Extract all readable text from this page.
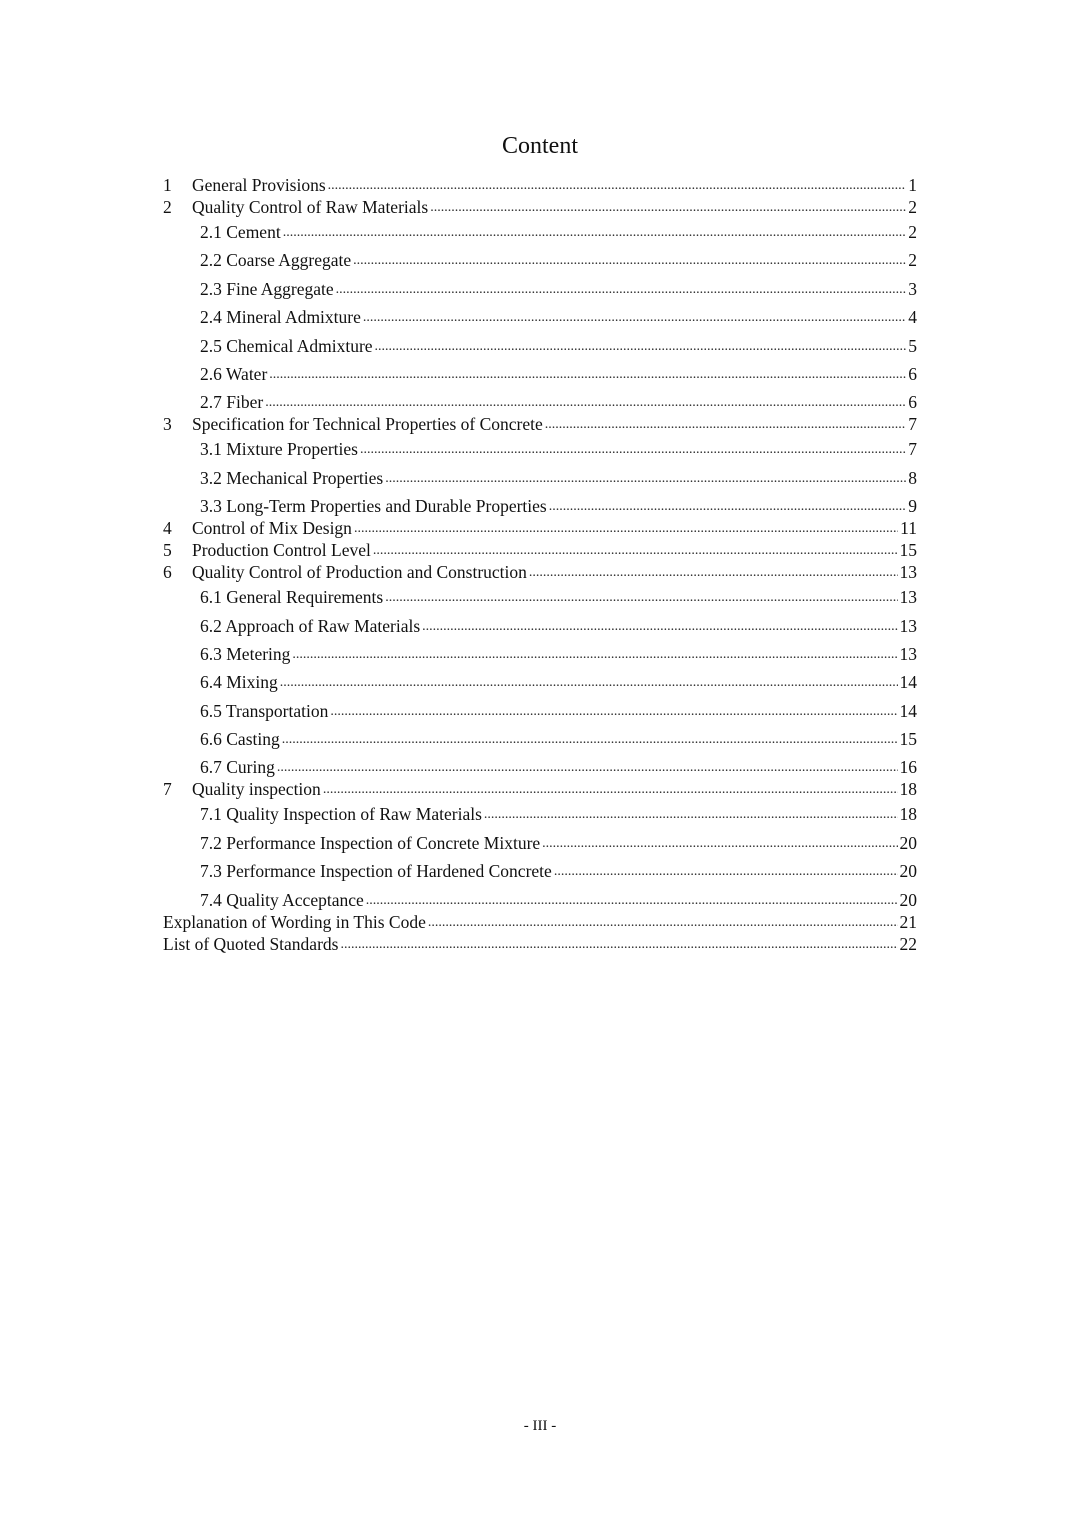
Content
1	General Provisions .....	1
2	Quality Control of Raw Materials .....	2
2.1 Cement .....	2
2.2 Coarse Aggregate .....	2
2.3 Fine Aggregate .....	3
2.4 Mineral Admixture .....	4
2.5 Chemical Admixture .....	5
2.6 Water .....	6
2.7 Fiber .....	6
3	Specification for Technical Properties of Concrete .....	7
3.1 Mixture Properties .....	7
3.2 Mechanical Properties .....	8
3.3 Long-Term Properties and Durable Properties .....	9
4	Control of Mix Design .....	11
5	Production Control Level .....	15
6	Quality Control of Production and Construction .....	13
6.1 General Requirements .....	13
6.2 Approach of Raw Materials .....	13
6.3 Metering .....	13
6.4 Mixing .....	14
6.5 Transportation .....	14
6.6 Casting .....	15
6.7 Curing .....	16
7	Quality inspection .....	18
7.1 Quality Inspection of Raw Materials .....	18
7.2 Performance Inspection of Concrete Mixture .....	20
7.3 Performance Inspection of Hardened Concrete .....	20
7.4 Quality Acceptance .....	20
Explanation of Wording in This Code .....	21
List of Quoted Standards .....	22
- III -
